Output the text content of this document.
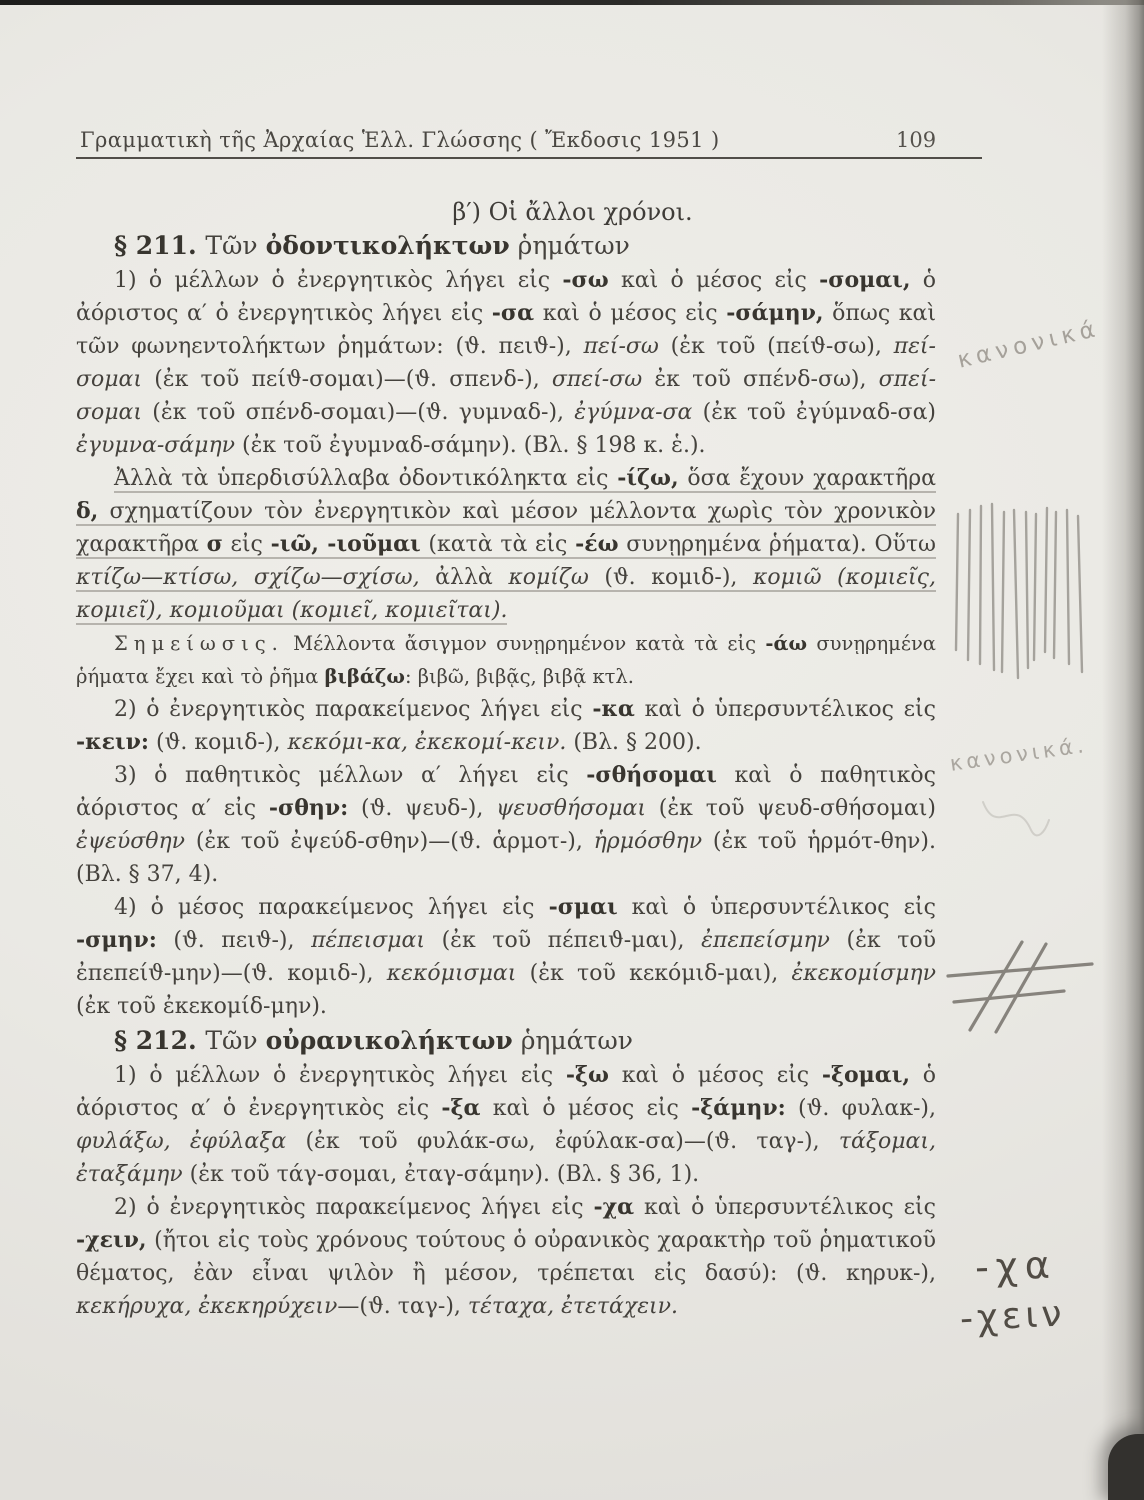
Γραμματικὴ τῆς Ἀρχαίας Ἑλλ. Γλώσσης ( Ἔκδοσις 1951 )	109

β′) Οἱ ἄλλοι χρόνοι.

§ 211. Τῶν ὀδοντικολήκτων ῥημάτων

1) ὁ μέλλων ὁ ἐνεργητικὸς λήγει εἰς -σω καὶ ὁ μέσος εἰς -σομαι, ὁ ἀόριστος α′ ὁ ἐνεργητικὸς λήγει εἰς -σα καὶ ὁ μέσος εἰς -σάμην, ὅπως καὶ τῶν φωνηεντολήκτων ῥημάτων: (ϑ. πειϑ-), πεί-σω (ἐκ τοῦ (πείϑ-σω), πεί-σομαι (ἐκ τοῦ πείϑ-σομαι)—(ϑ. σπενδ-), σπεί-σω ἐκ τοῦ σπένδ-σω), σπεί-σομαι (ἐκ τοῦ σπένδ-σομαι)—(ϑ. γυμναδ-), ἐγύμνα-σα (ἐκ τοῦ ἐγύμναδ-σα) ἐγυμνα-σάμην (ἐκ τοῦ ἐγυμναδ-σάμην). (Βλ. § 198 κ. ἑ.).

Ἀλλὰ τὰ ὑπερδισύλλαβα ὀδοντικόληκτα εἰς -ίζω, ὅσα ἔχουν χαρακτῆρα δ, σχηματίζουν τὸν ἐνεργητικὸν καὶ μέσον μέλλοντα χωρὶς τὸν χρονικὸν χαρακτῆρα σ εἰς -ιῶ, -ιοῦμαι (κατὰ τὰ εἰς -έω συνῃρημένα ῥήματα). Οὕτω κτίζω—κτίσω, σχίζω—σχίσω, ἀλλὰ κομίζω (ϑ. κομιδ-), κομιῶ (κομιεῖς, κομιεῖ), κομιοῦμαι (κομιεῖ, κομιεῖται).

Σημείωσις. Μέλλοντα ἄσιγμον συνῃρημένον κατὰ τὰ εἰς -άω συνῃρημένα ῥήματα ἔχει καὶ τὸ ῥῆμα βιβάζω: βιβῶ, βιβᾷς, βιβᾷ κτλ.

2) ὁ ἐνεργητικὸς παρακείμενος λήγει εἰς -κα καὶ ὁ ὑπερσυντέλικος εἰς -κειν: (ϑ. κομιδ-), κεκόμι-κα, ἐκεκομί-κειν. (Βλ. § 200).

3) ὁ παθητικὸς μέλλων α′ λήγει εἰς -σθήσομαι καὶ ὁ παθητικὸς ἀόριστος α′ εἰς -σθην: (ϑ. ψευδ-), ψευσθήσομαι (ἐκ τοῦ ψευδ-σθήσομαι) ἐψεύσθην (ἐκ τοῦ ἐψεύδ-σθην)—(ϑ. ἁρμοτ-), ἡρμόσθην (ἐκ τοῦ ἡρμότ-θην). (Βλ. § 37, 4).

4) ὁ μέσος παρακείμενος λήγει εἰς -σμαι καὶ ὁ ὑπερσυντέλικος εἰς -σμην: (ϑ. πειϑ-), πέπεισμαι (ἐκ τοῦ πέπειϑ-μαι), ἐπεπείσμην (ἐκ τοῦ ἐπεπείϑ-μην)—(ϑ. κομιδ-), κεκόμισμαι (ἐκ τοῦ κεκόμιδ-μαι), ἐκεκομίσμην (ἐκ τοῦ ἐκεκομίδ-μην).

§ 212. Τῶν οὐρανικολήκτων ῥημάτων

1) ὁ μέλλων ὁ ἐνεργητικὸς λήγει εἰς -ξω καὶ ὁ μέσος εἰς -ξομαι, ὁ ἀόριστος α′ ὁ ἐνεργητικὸς εἰς -ξα καὶ ὁ μέσος εἰς -ξάμην: (ϑ. φυλακ-), φυλάξω, ἐφύλαξα (ἐκ τοῦ φυλάκ-σω, ἐφύλακ-σα)—(ϑ. ταγ-), τάξομαι, ἐταξάμην (ἐκ τοῦ τάγ-σομαι, ἐταγ-σάμην). (Βλ. § 36, 1).

2) ὁ ἐνεργητικὸς παρακείμενος λήγει εἰς -χα καὶ ὁ ὑπερσυντέλικος εἰς -χειν, (ἤτοι εἰς τοὺς χρόνους τούτους ὁ οὐρανικὸς χαρακτὴρ τοῦ ῥηματικοῦ θέματος, ἐὰν εἶναι ψιλὸν ἢ μέσον, τρέπεται εἰς δασύ): (ϑ. κηρυκ-), κεκήρυχα, ἐκεκηρύχειν—(ϑ. ταγ-), τέταχα, ἐτετάχειν.

κανονικά
κανονικά.
-χα
-χειν
